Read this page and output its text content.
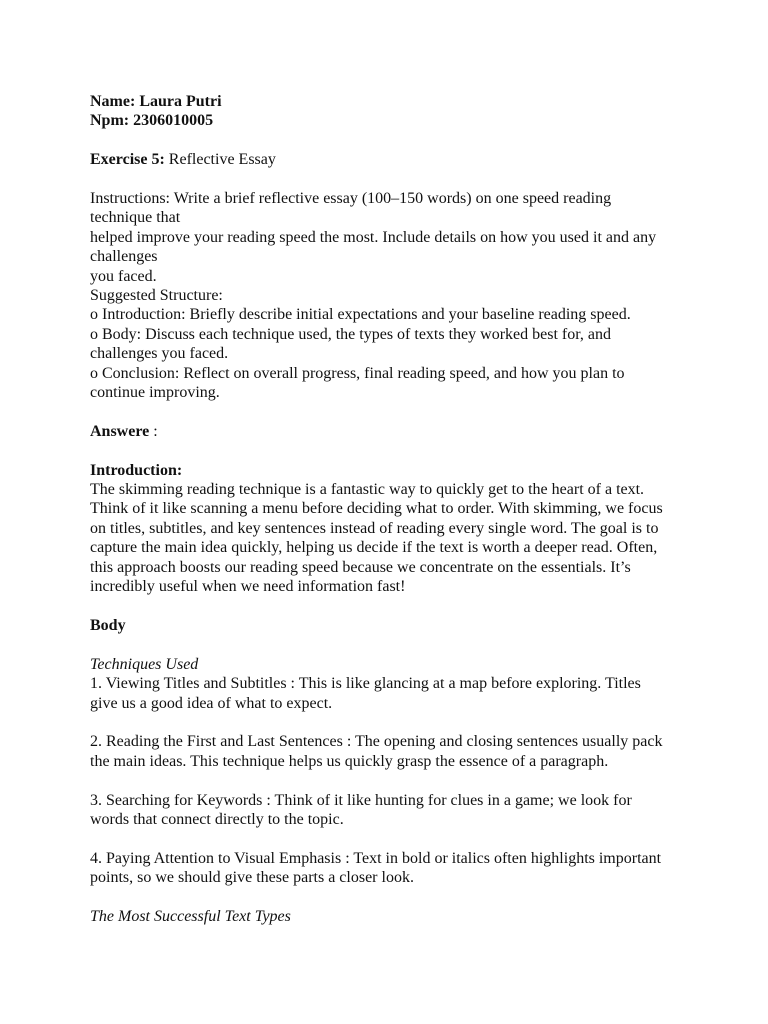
Name: Laura Putri
Npm: 2306010005
Exercise 5: Reflective Essay
Instructions: Write a brief reflective essay (100–150 words) on one speed reading
technique that
helped improve your reading speed the most. Include details on how you used it and any
challenges
you faced.
Suggested Structure:
o Introduction: Briefly describe initial expectations and your baseline reading speed.
o Body: Discuss each technique used, the types of texts they worked best for, and
challenges you faced.
o Conclusion: Reflect on overall progress, final reading speed, and how you plan to
continue improving.
Answere :
Introduction:
The skimming reading technique is a fantastic way to quickly get to the heart of a text.
Think of it like scanning a menu before deciding what to order. With skimming, we focus
on titles, subtitles, and key sentences instead of reading every single word. The goal is to
capture the main idea quickly, helping us decide if the text is worth a deeper read. Often,
this approach boosts our reading speed because we concentrate on the essentials. It’s
incredibly useful when we need information fast!
Body
Techniques Used
1. Viewing Titles and Subtitles : This is like glancing at a map before exploring. Titles
give us a good idea of what to expect.
2. Reading the First and Last Sentences : The opening and closing sentences usually pack
the main ideas. This technique helps us quickly grasp the essence of a paragraph.
3. Searching for Keywords : Think of it like hunting for clues in a game; we look for
words that connect directly to the topic.
4. Paying Attention to Visual Emphasis : Text in bold or italics often highlights important
points, so we should give these parts a closer look.
The Most Successful Text Types
